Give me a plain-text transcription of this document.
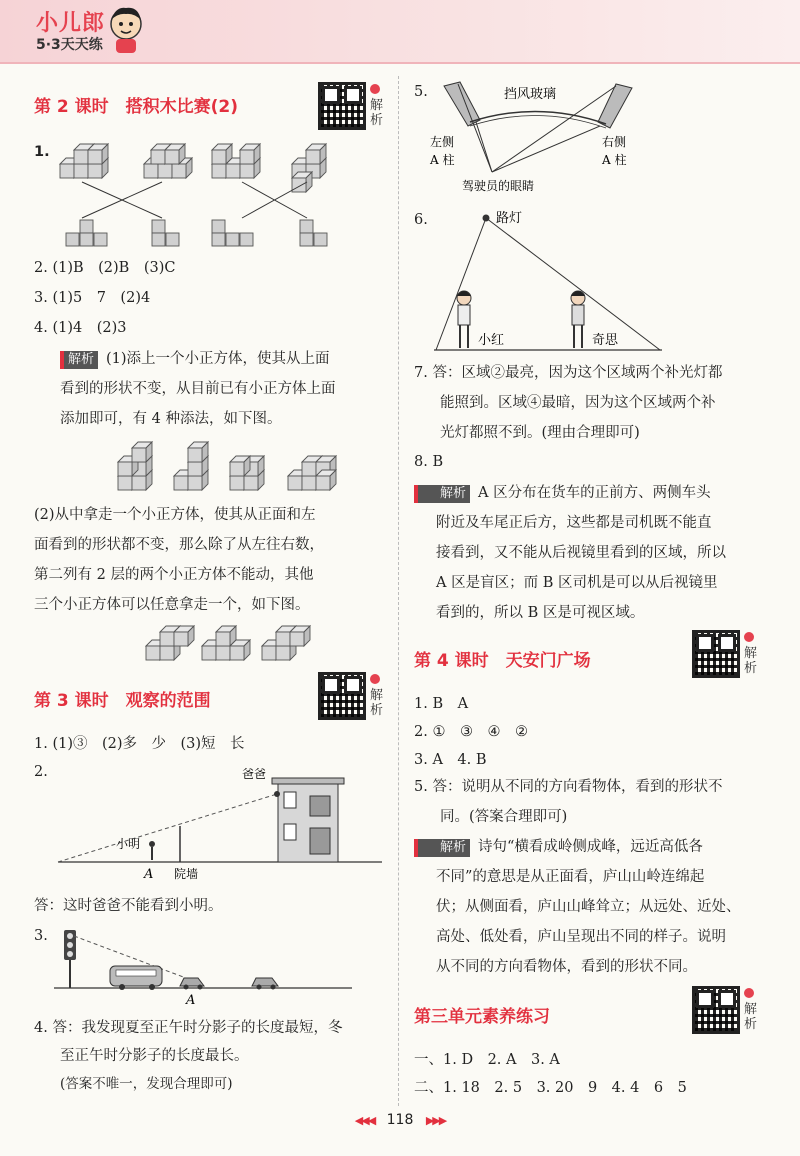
小儿郎
5·3天天练
第 2 课时　搭积木比赛(2)	解析
1.
2. (1)B　(2)B　(3)C
3. (1)5　7　(2)4
4. (1)4　(2)3
解析 (1)添上一个小正方体，使其从上面
看到的形状不变，从目前已有小正方体上面
添加即可，有 4 种添法，如下图。
(2)从中拿走一个小正方体，使其从正面和左
面看到的形状都不变，那么除了从左往右数，
第二列有 2 层的两个小正方体不能动，其他
三个小正方体可以任意拿走一个，如下图。
第 3 课时　观察的范围	解析
1. (1)③　(2)多　少　(3)短　长
2.	爸爸
小明
A 院墙
答：这时爸爸不能看到小明。
3.
A
4. 答：我发现夏至正午时分影子的长度最短，冬
至正午时分影子的长度最长。
(答案不唯一，发现合理即可)
5.	挡风玻璃
左侧
A 柱
右侧
A 柱
驾驶员的眼睛
6.	路灯
小红	奇思
7. 答：区域②最亮，因为这个区域两个补光灯都
能照到。区域④最暗，因为这个区域两个补
光灯都照不到。(理由合理即可)
8. B
解析 A 区分布在货车的正前方、两侧车头
附近及车尾正后方，这些都是司机既不能直
接看到，又不能从后视镜里看到的区域，所以
A 区是盲区；而 B 区司机是可以从后视镜里
看到的，所以 B 区是可视区域。
第 4 课时　天安门广场	解析
1. B　A
2. ①　③　④　②
3. A　4. B
5. 答：说明从不同的方向看物体，看到的形状不
同。(答案合理即可)
解析 诗句“横看成岭侧成峰，远近高低各
不同”的意思是从正面看，庐山山岭连绵起
伏；从侧面看，庐山山峰耸立；从远处、近处、
高处、低处看，庐山呈现出不同的样子。说明
从不同的方向看物体，看到的形状不同。
第三单元素养练习	解析
一、1. D　2. A　3. A
二、1. 18　2. 5　3. 20　9　4. 4　6　5
◀◀◀ 118 ▶▶▶
